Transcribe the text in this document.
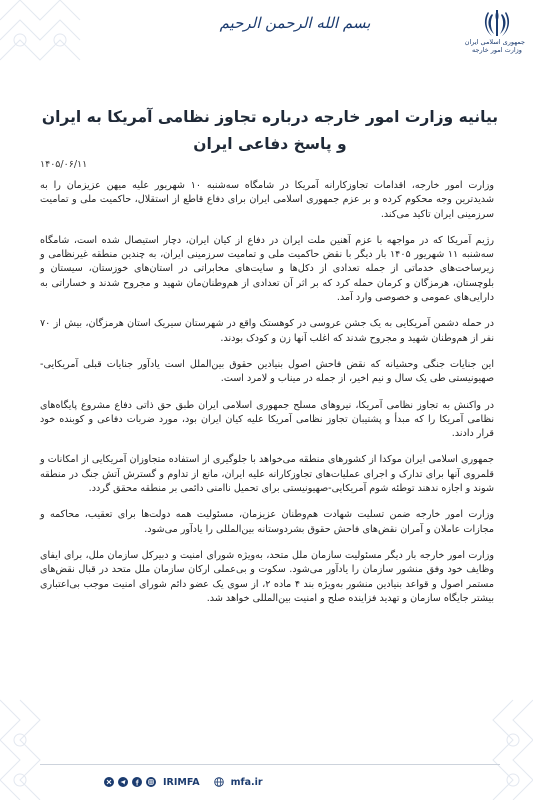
جمهوری اسلامی ایران
وزارت امور خارجه
بسم الله الرحمن الرحیم
بیانیه وزارت امور خارجه درباره تجاوز نظامی آمریکا به ایران و پاسخ دفاعی ایران
۱۴۰۵/۰۶/۱۱

وزارت امور خارجه، اقدامات تجاوزکارانه آمریکا در شامگاه سه‌شنبه ۱۰ شهریور علیه میهن عزیزمان را به شدیدترین وجه محکوم کرده و بر عزم جمهوری اسلامی ایران برای دفاع قاطع از استقلال، حاکمیت ملی و تمامیت سرزمینی ایران تاکید می‌کند.

رژیم آمریکا که در مواجهه با عزم آهنین ملت ایران در دفاع از کیان ایران، دچار استیصال شده است، شامگاه سه‌شنبه ۱۱ شهریور ۱۴۰۵ بار دیگر با نقض حاکمیت ملی و تمامیت سرزمینی ایران، به چندین منطقه غیرنظامی و زیرساخت‌های خدماتی از جمله تعدادی از دکل‌ها و سایت‌های مخابراتی در استان‌های خوزستان، سیستان و بلوچستان، هرمزگان و کرمان حمله کرد که بر اثر آن تعدادی از هم‌وطنان‌مان شهید و مجروح شدند و خساراتی به دارایی‌های عمومی و خصوصی وارد آمد.

در حمله دشمن آمریکایی به یک جشن عروسی در کوهستک واقع در شهرستان سیریک استان هرمزگان، بیش از ۷۰ نفر از هم‌وطنان شهید و مجروح شدند که اغلب آنها زن و کودک بودند.

این جنایات جنگی وحشیانه که نقض فاحش اصول بنیادین حقوق بین‌الملل است یادآور جنایات قبلی آمریکایی-صهیونیستی طی یک سال و نیم اخیر، از جمله در میناب و لامرد است.

در واکنش به تجاوز نظامی آمریکا، نیروهای مسلح جمهوری اسلامی ایران طبق حق ذاتی دفاع مشروع پایگاه‌های نظامی آمریکا را که مبدأ و پشتیبان تجاوز نظامی آمریکا علیه کیان ایران بود، مورد ضربات دفاعی و کوبنده خود قرار دادند.

جمهوری اسلامی ایران موکدا از کشورهای منطقه می‌خواهد با جلوگیری از استفاده متجاوزان آمریکایی از امکانات و قلمروی آنها برای تدارک و اجرای عملیات‌های تجاوزکارانه علیه ایران، مانع از تداوم و گسترش آتش جنگ در منطقه شوند و اجازه ندهند توطئه شوم آمریکایی-صهیونیستی برای تحمیل ناامنی دائمی بر منطقه محقق گردد.

وزارت امور خارجه ضمن تسلیت شهادت هم‌وطنان عزیزمان، مسئولیت همه دولت‌ها برای تعقیب، محاکمه و مجازات عاملان و آمران نقض‌های فاحش حقوق بشردوستانه بین‌المللی را یادآور می‌شود.

وزارت امور خارجه بار دیگر مسئولیت سازمان ملل متحد، به‌ویژه شورای امنیت و دبیرکل سازمان ملل، برای ایفای وظایف خود وفق منشور سازمان را یادآور می‌شود. سکوت و بی‌عملی ارکان سازمان ملل متحد در قبال نقض‌های مستمر اصول و قواعد بنیادین منشور به‌ویژه بند ۴ ماده ۲، از سوی یک عضو دائم شورای امنیت موجب بی‌اعتباری بیشتر جایگاه سازمان و تهدید فزاینده صلح و امنیت بین‌المللی خواهد شد.

IRIMFA	mfa.ir
